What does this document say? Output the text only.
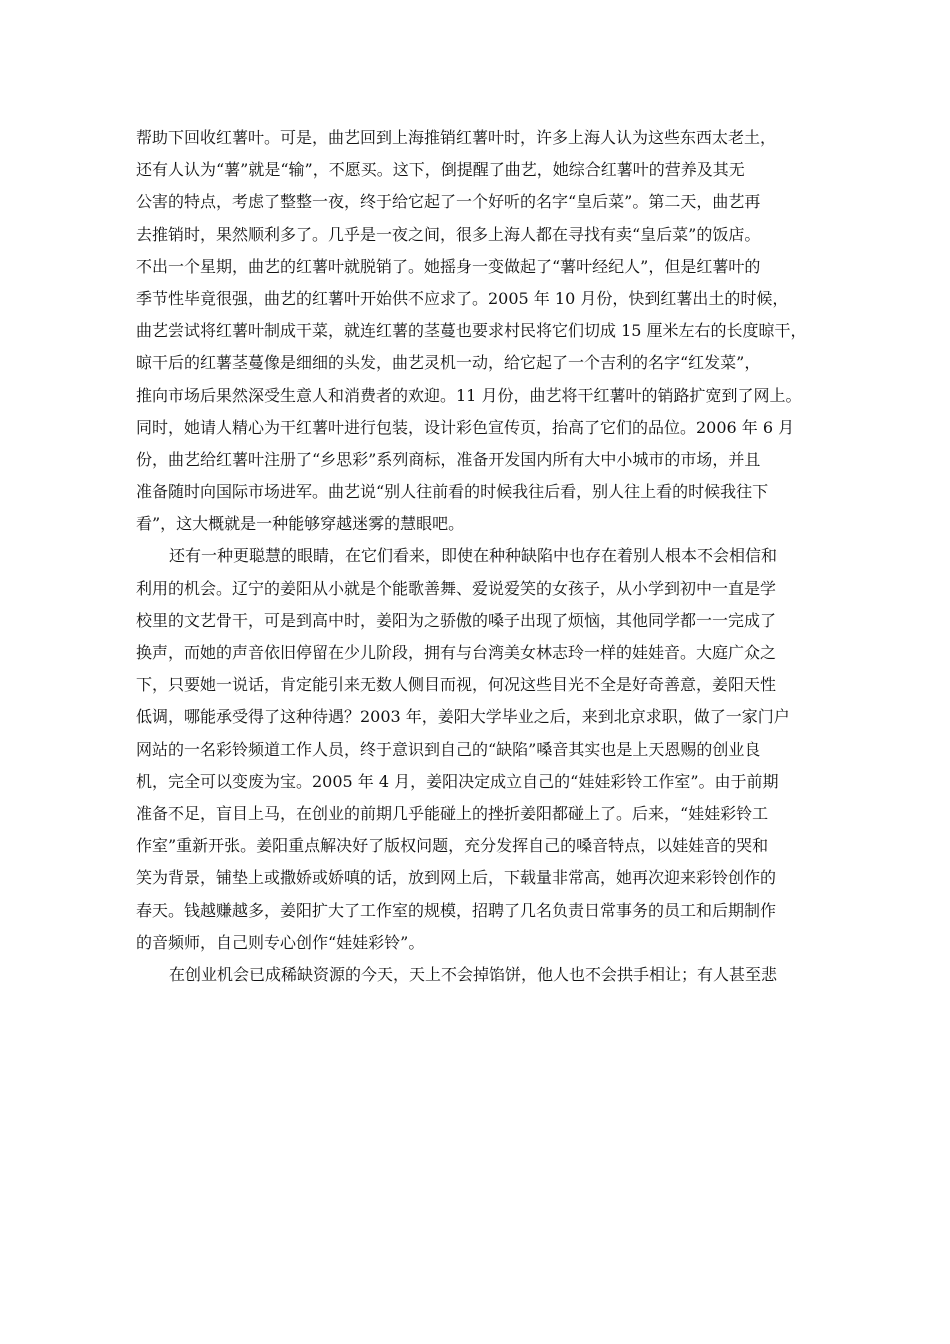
帮助下回收红薯叶。可是，曲艺回到上海推销红薯叶时，许多上海人认为这些东西太老土，
还有人认为“薯”就是“输”，不愿买。这下，倒提醒了曲艺，她综合红薯叶的营养及其无
公害的特点，考虑了整整一夜，终于给它起了一个好听的名字“皇后菜”。第二天，曲艺再
去推销时，果然顺利多了。几乎是一夜之间，很多上海人都在寻找有卖“皇后菜”的饭店。
不出一个星期，曲艺的红薯叶就脱销了。她摇身一变做起了“薯叶经纪人”，但是红薯叶的
季节性毕竟很强，曲艺的红薯叶开始供不应求了。2005 年 10 月份，快到红薯出土的时候，
曲艺尝试将红薯叶制成干菜，就连红薯的茎蔓也要求村民将它们切成 15 厘米左右的长度晾干，
晾干后的红薯茎蔓像是细细的头发，曲艺灵机一动，给它起了一个吉利的名字“红发菜”，
推向市场后果然深受生意人和消费者的欢迎。11 月份，曲艺将干红薯叶的销路扩宽到了网上。
同时，她请人精心为干红薯叶进行包装，设计彩色宣传页，抬高了它们的品位。2006 年 6 月
份，曲艺给红薯叶注册了“乡思彩”系列商标，准备开发国内所有大中小城市的市场，并且
准备随时向国际市场进军。曲艺说“别人往前看的时候我往后看，别人往上看的时候我往下
看”，这大概就是一种能够穿越迷雾的慧眼吧。
还有一种更聪慧的眼睛，在它们看来，即使在种种缺陷中也存在着别人根本不会相信和
利用的机会。辽宁的姜阳从小就是个能歌善舞、爱说爱笑的女孩子，从小学到初中一直是学
校里的文艺骨干，可是到高中时，姜阳为之骄傲的嗓子出现了烦恼，其他同学都一一完成了
换声，而她的声音依旧停留在少儿阶段，拥有与台湾美女林志玲一样的娃娃音。大庭广众之
下，只要她一说话，肯定能引来无数人侧目而视，何况这些目光不全是好奇善意，姜阳天性
低调，哪能承受得了这种待遇？2003 年，姜阳大学毕业之后，来到北京求职，做了一家门户
网站的一名彩铃频道工作人员，终于意识到自己的“缺陷”嗓音其实也是上天恩赐的创业良
机，完全可以变废为宝。2005 年 4 月，姜阳决定成立自己的“娃娃彩铃工作室”。由于前期
准备不足，盲目上马，在创业的前期几乎能碰上的挫折姜阳都碰上了。后来，“娃娃彩铃工
作室”重新开张。姜阳重点解决好了版权问题，充分发挥自己的嗓音特点，以娃娃音的哭和
笑为背景，铺垫上或撒娇或娇嗔的话，放到网上后，下载量非常高，她再次迎来彩铃创作的
春天。钱越赚越多，姜阳扩大了工作室的规模，招聘了几名负责日常事务的员工和后期制作
的音频师，自己则专心创作“娃娃彩铃”。
在创业机会已成稀缺资源的今天，天上不会掉馅饼，他人也不会拱手相让；有人甚至悲
